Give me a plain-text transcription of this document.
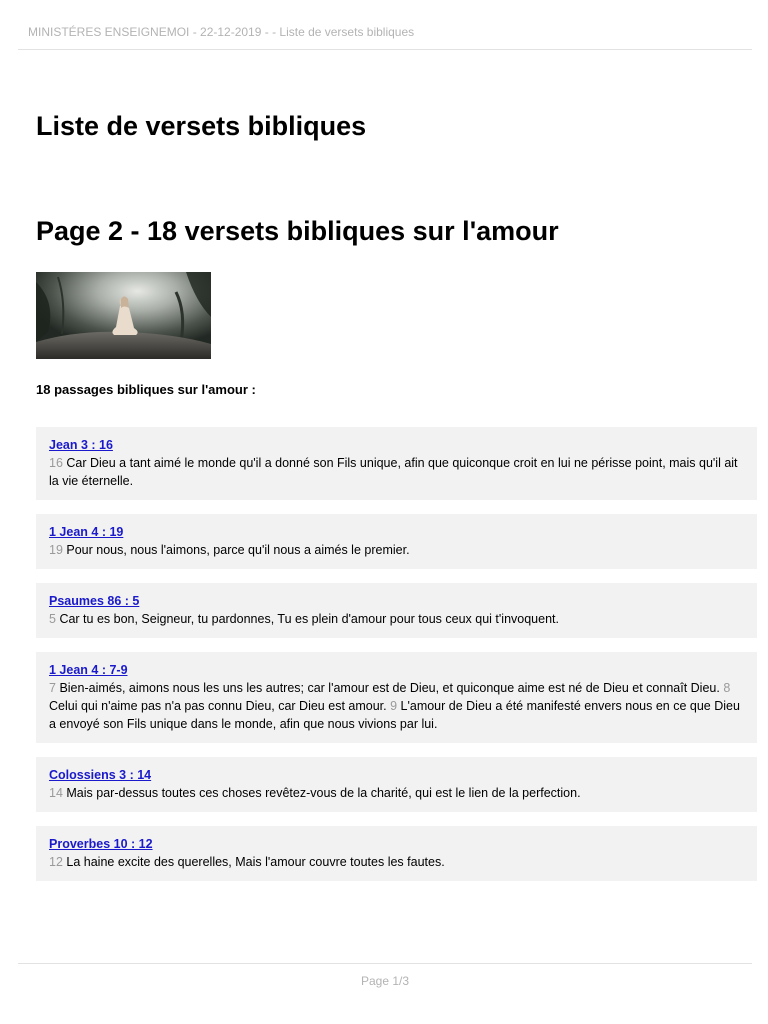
MINISTÉRES ENSEIGNEMOI - 22-12-2019 - - Liste de versets bibliques
Liste de versets bibliques
Page 2 - 18 versets bibliques sur l'amour
18 passages bibliques sur l'amour :
Jean 3 : 16
16 Car Dieu a tant aimé le monde qu'il a donné son Fils unique, afin que quiconque croit en lui ne périsse point, mais qu'il ait la vie éternelle.
1 Jean 4 : 19
19 Pour nous, nous l'aimons, parce qu'il nous a aimés le premier.
Psaumes 86 : 5
5 Car tu es bon, Seigneur, tu pardonnes, Tu es plein d'amour pour tous ceux qui t'invoquent.
1 Jean 4 : 7-9
7 Bien-aimés, aimons nous les uns les autres; car l'amour est de Dieu, et quiconque aime est né de Dieu et connaît Dieu. 8 Celui qui n'aime pas n'a pas connu Dieu, car Dieu est amour. 9 L'amour de Dieu a été manifesté envers nous en ce que Dieu a envoyé son Fils unique dans le monde, afin que nous vivions par lui.
Colossiens 3 : 14
14 Mais par-dessus toutes ces choses revêtez-vous de la charité, qui est le lien de la perfection.
Proverbes 10 : 12
12 La haine excite des querelles, Mais l'amour couvre toutes les fautes.
Page 1/3
